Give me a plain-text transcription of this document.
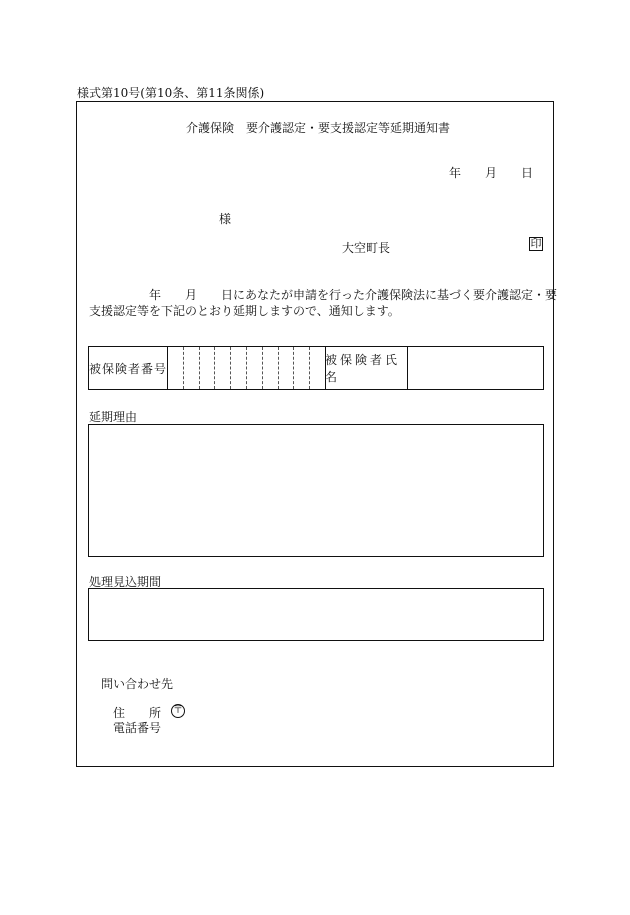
様式第10号(第10条、第11条関係)
介護保険　要介護認定・要支援認定等延期通知書
年 月 日
様
大空町長	印
年 月 日にあなたが申請を行った介護保険法に基づく要介護認定・要
支援認定等を下記のとおり延期しますので、通知します。
被保険者番号
被保険者氏名
延期理由
処理見込期間
問い合わせ先
住　　所 〒
電話番号
